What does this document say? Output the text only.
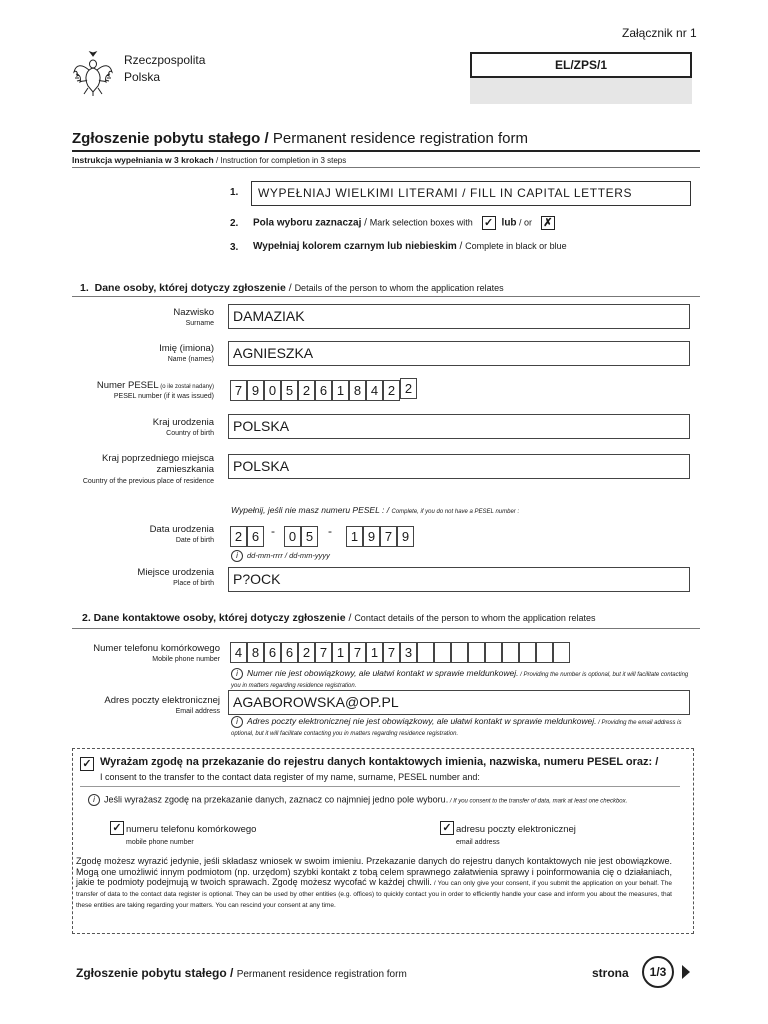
Załącznik nr 1
Rzeczpospolita
Polska
EL/ZPS/1
Zgłoszenie pobytu stałego / Permanent residence registration form
Instrukcja wypełniania w 3 krokach / Instruction for completion in 3 steps
1.	WYPEŁNIAJ WIELKIMI LITERAMI / FILL IN CAPITAL LETTERS
2. Pola wyboru zaznaczaj / Mark selection boxes with ✓ lub / or ✗
3. Wypełniaj kolorem czarnym lub niebieskim / Complete in black or blue
1. Dane osoby, której dotyczy zgłoszenie / Details of the person to whom the application relates
Nazwisko
Surname	DAMAZIAK
Imię (imiona)
Name (names)	AGNIESZKA
Numer PESEL (o ile został nadany)
PESEL number (if it was issued)	7 9 0 5 2 6 1 8 4 2 2
Kraj urodzenia
Country of birth	POLSKA
Kraj poprzedniego miejsca
zamieszkania
Country of the previous place of residence
POLSKA
Wypełnij, jeśli nie masz numeru PESEL : / Complete, if you do not have a PESEL number :
Data urodzenia
Date of birth	2 6 -	0 5	-	1 9 7 9
i dd-mm-rrrr / dd-mm-yyyy
Miejsce urodzenia
Place of birth	P?OCK
2. Dane kontaktowe osoby, której dotyczy zgłoszenie / Contact details of the person to whom the application relates
Numer telefonu komórkowego
Mobile phone number	4 8 6 6 2 7 1 7 1 7 3
i Numer nie jest obowiązkowy, ale ułatwi kontakt w sprawie meldunkowej. / Providing the number is optional, but it will facilitate contacting you in matters regarding residence registration.
Adres poczty elektronicznej
Email address
AGABOROWSKA@OP.PL
i Adres poczty elektronicznej nie jest obowiązkowy, ale ułatwi kontakt w sprawie meldunkowej. / Providing the email address is optional, but it will facilitate contacting you in matters regarding residence registration.
✓ Wyrażam zgodę na przekazanie do rejestru danych kontaktowych imienia, nazwiska, numeru PESEL oraz: /
I consent to the transfer to the contact data register of my name, surname, PESEL number and:
i Jeśli wyrażasz zgodę na przekazanie danych, zaznacz co najmniej jedno pole wyboru. / If you consent to the transfer of data, mark at least one checkbox.
✓ numeru telefonu komórkowego
mobile phone number
✓ adresu poczty elektronicznej
email address
Zgodę możesz wyrazić jedynie, jeśli składasz wniosek w swoim imieniu. Przekazanie danych do rejestru danych kontaktowych nie jest obowiązkowe. Mogą one umożliwić innym podmiotom (np. urzędom) szybki kontakt z tobą celem sprawnego załatwienia sprawy i poinformowania cię o działaniach, jakie te podmioty podejmują w twoich sprawach. Zgodę możesz wycofać w każdej chwili. / You can only give your consent, if you submit the application on your behalf. The transfer of data to the contact data register is optional. They can be used by other entities (e.g. offices) to quickly contact you in order to efficiently handle your case and inform you about the measures, that these entities are taking regarding your matters. You can rescind your consent at any time.
Zgłoszenie pobytu stałego / Permanent residence registration form	strona	1/3
